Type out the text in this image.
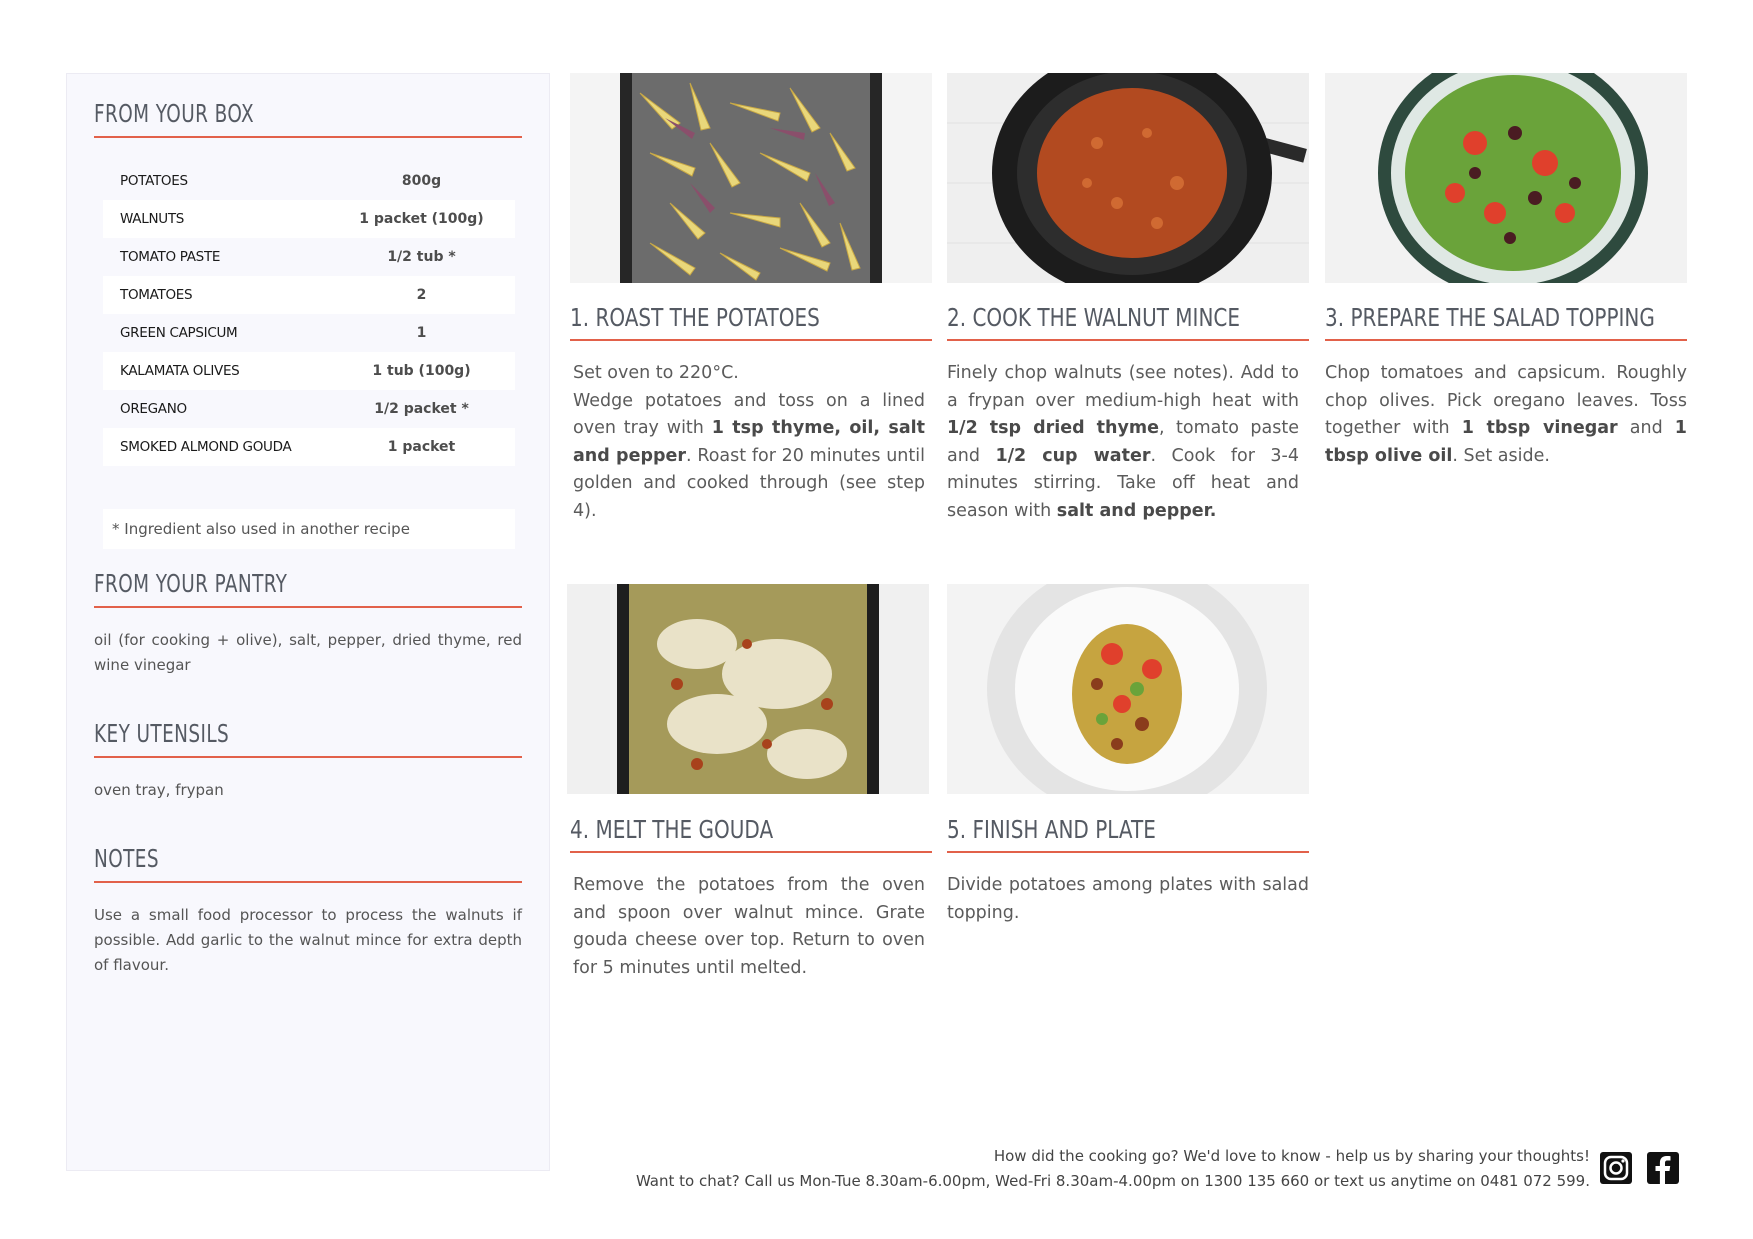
FROM YOUR BOX
POTATOES	800g
WALNUTS	1 packet (100g)
TOMATO PASTE	1/2 tub *
TOMATOES	2
GREEN CAPSICUM	1
KALAMATA OLIVES	1 tub (100g)
OREGANO	1/2 packet *
SMOKED ALMOND GOUDA	1 packet
* Ingredient also used in another recipe
FROM YOUR PANTRY
oil (for cooking + olive), salt, pepper, dried thyme, red wine vinegar
KEY UTENSILS
oven tray, frypan
NOTES
Use a small food processor to process the walnuts if possible. Add garlic to the walnut mince for extra depth of flavour.
1. ROAST THE POTATOES
Set oven to 220°C.
Wedge potatoes and toss on a lined oven tray with 1 tsp thyme, oil, salt and pepper. Roast for 20 minutes until golden and cooked through (see step 4).
2. COOK THE WALNUT MINCE
Finely chop walnuts (see notes). Add to a frypan over medium-high heat with 1/2 tsp dried thyme, tomato paste and 1/2 cup water. Cook for 3-4 minutes stirring. Take off heat and season with salt and pepper.
3. PREPARE THE SALAD TOPPING
Chop tomatoes and capsicum. Roughly chop olives. Pick oregano leaves. Toss together with 1 tbsp vinegar and 1 tbsp olive oil. Set aside.
4. MELT THE GOUDA
Remove the potatoes from the oven and spoon over walnut mince. Grate gouda cheese over top. Return to oven for 5 minutes until melted.
5. FINISH AND PLATE
Divide potatoes among plates with salad topping.
How did the cooking go? We'd love to know - help us by sharing your thoughts!
Want to chat? Call us Mon-Tue 8.30am-6.00pm, Wed-Fri 8.30am-4.00pm on 1300 135 660 or text us anytime on 0481 072 599.
